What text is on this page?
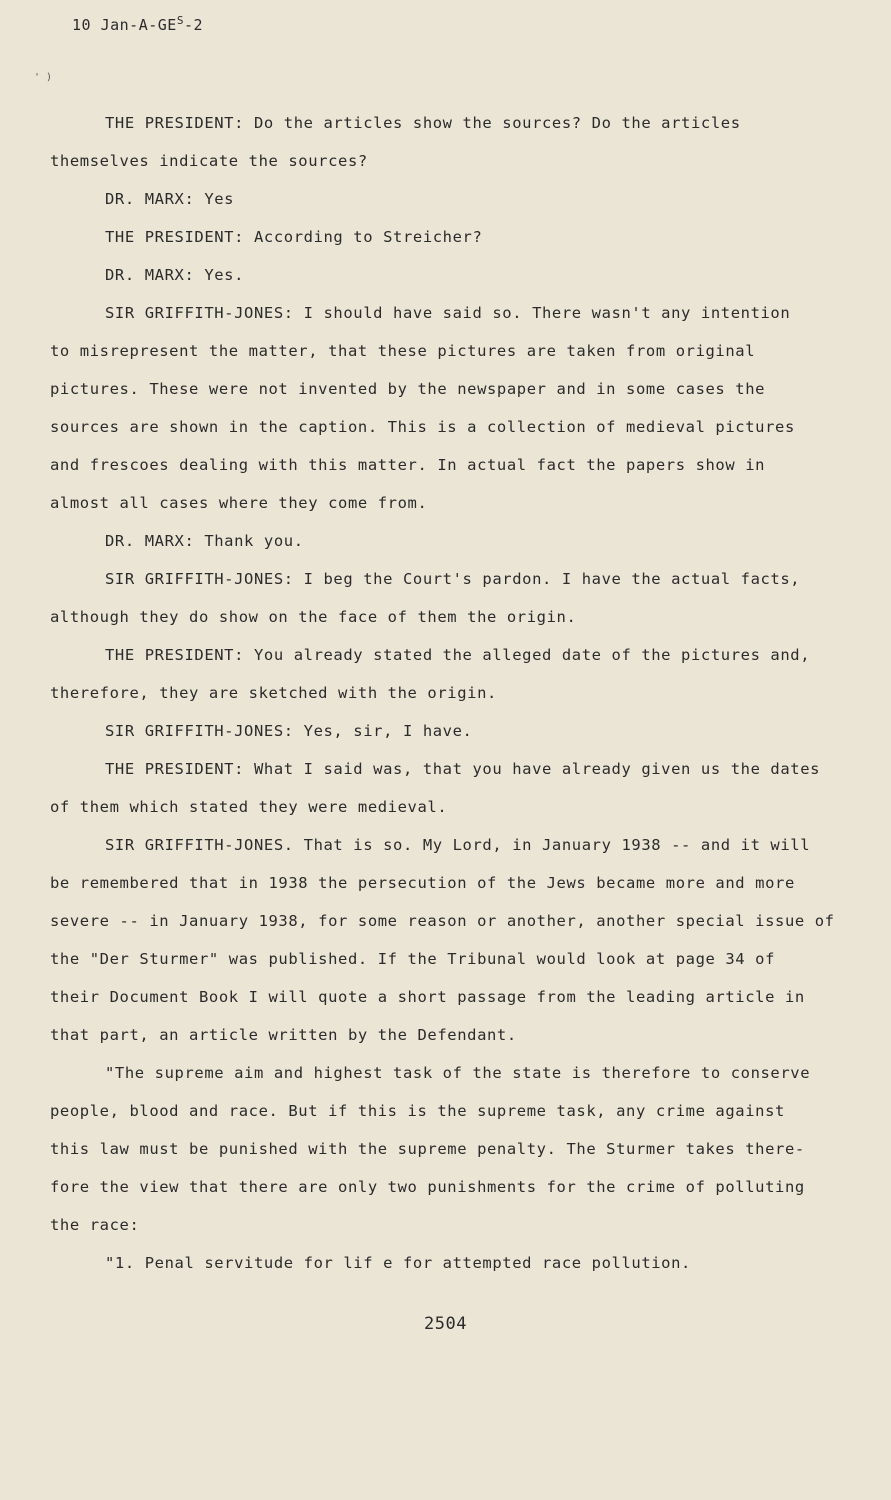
10 Jan-$A-GE^S-2$
' )
THE PRESIDENT: Do the articles show the sources? Do the articles
themselves indicate the sources?
DR. MARX: Yes
THE PRESIDENT: According to Streicher?
DR. MARX: Yes.
SIR GRIFFITH-JONES: I should have said so. There wasn't any intention
to misrepresent the matter, that these pictures are taken from original
pictures. These were not invented by the newspaper and in some cases the
sources are shown in the caption. This is a collection of medieval pictures
and frescoes dealing with this matter. In actual fact the papers show in
almost all cases where they come from.
DR. MARX: Thank you.
SIR GRIFFITH-JONES: I beg the Court's pardon. I have the actual facts,
although they do show on the face of them the origin.
THE PRESIDENT: You already stated the alleged date of the pictures and,
therefore, they are sketched with the origin.
SIR GRIFFITH-JONES: Yes, sir, I have.
THE PRESIDENT: What I said was, that you have already given us the dates
of them which stated they were medieval.
SIR GRIFFITH-JONES. That is so. My Lord, in January 1938 -- and it will
be remembered that in 1938 the persecution of the Jews became more and more
severe -- in January 1938, for some reason or another, another special issue of
the "Der Sturmer" was published. If the Tribunal would look at page 34 of
their Document Book I will quote a short passage from the leading article in
that part, an article written by the Defendant.
"The supreme aim and highest task of the state is therefore to conserve
people, blood and race. But if this is the supreme task, any crime against
this law must be punished with the supreme penalty. The Sturmer takes there-
fore the view that there are only two punishments for the crime of polluting
the race:
"1. Penal servitude for lif e for attempted race pollution.
2504
